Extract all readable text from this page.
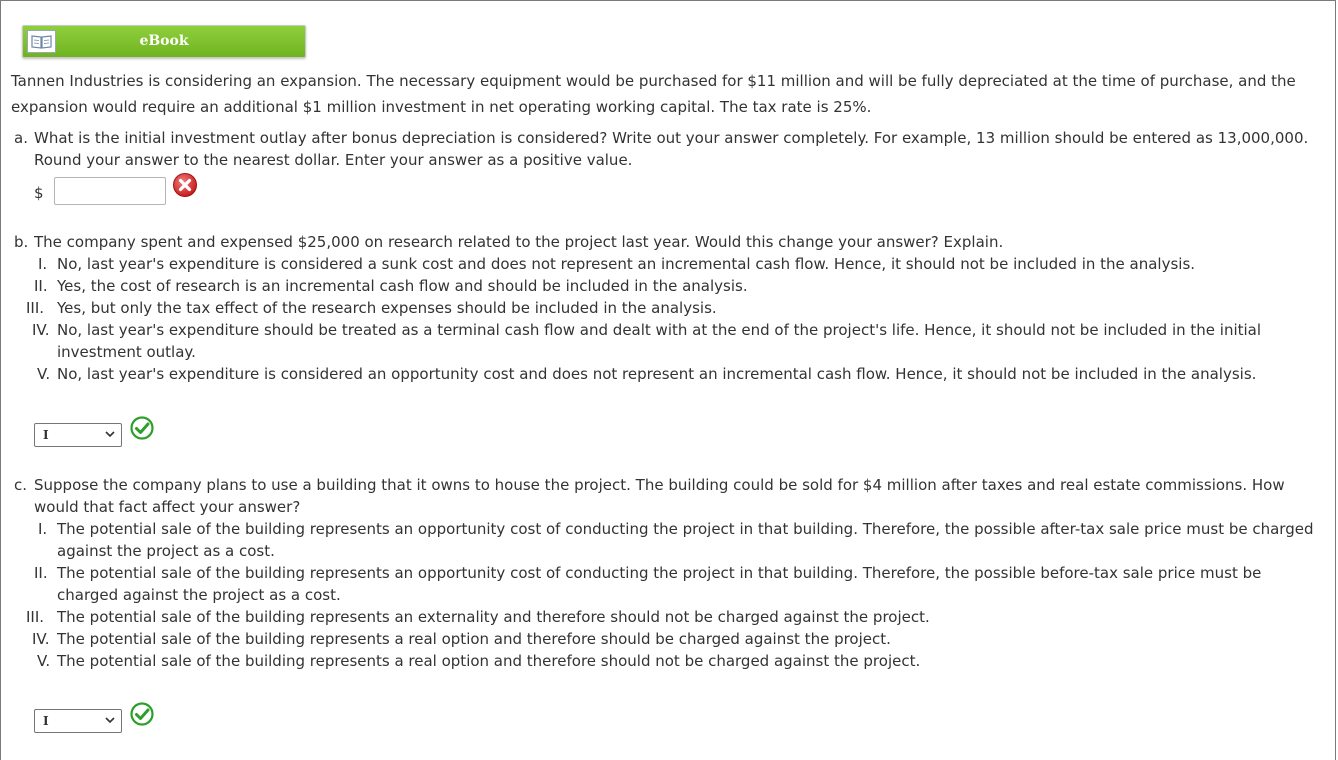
eBook
Tannen Industries is considering an expansion. The necessary equipment would be purchased for $11 million and will be fully depreciated at the time of purchase, and the
expansion would require an additional $1 million investment in net operating working capital. The tax rate is 25%.
a. What is the initial investment outlay after bonus depreciation is considered? Write out your answer completely. For example, 13 million should be entered as 13,000,000.
Round your answer to the nearest dollar. Enter your answer as a positive value.
$
b. The company spent and expensed $25,000 on research related to the project last year. Would this change your answer? Explain.
I. No, last year's expenditure is considered a sunk cost and does not represent an incremental cash flow. Hence, it should not be included in the analysis.
II. Yes, the cost of research is an incremental cash flow and should be included in the analysis.
III. Yes, but only the tax effect of the research expenses should be included in the analysis.
IV. No, last year's expenditure should be treated as a terminal cash flow and dealt with at the end of the project's life. Hence, it should not be included in the initial
investment outlay.
V. No, last year's expenditure is considered an opportunity cost and does not represent an incremental cash flow. Hence, it should not be included in the analysis.
I
c. Suppose the company plans to use a building that it owns to house the project. The building could be sold for $4 million after taxes and real estate commissions. How
would that fact affect your answer?
I. The potential sale of the building represents an opportunity cost of conducting the project in that building. Therefore, the possible after-tax sale price must be charged
against the project as a cost.
II. The potential sale of the building represents an opportunity cost of conducting the project in that building. Therefore, the possible before-tax sale price must be
charged against the project as a cost.
III. The potential sale of the building represents an externality and therefore should not be charged against the project.
IV. The potential sale of the building represents a real option and therefore should be charged against the project.
V. The potential sale of the building represents a real option and therefore should not be charged against the project.
I
